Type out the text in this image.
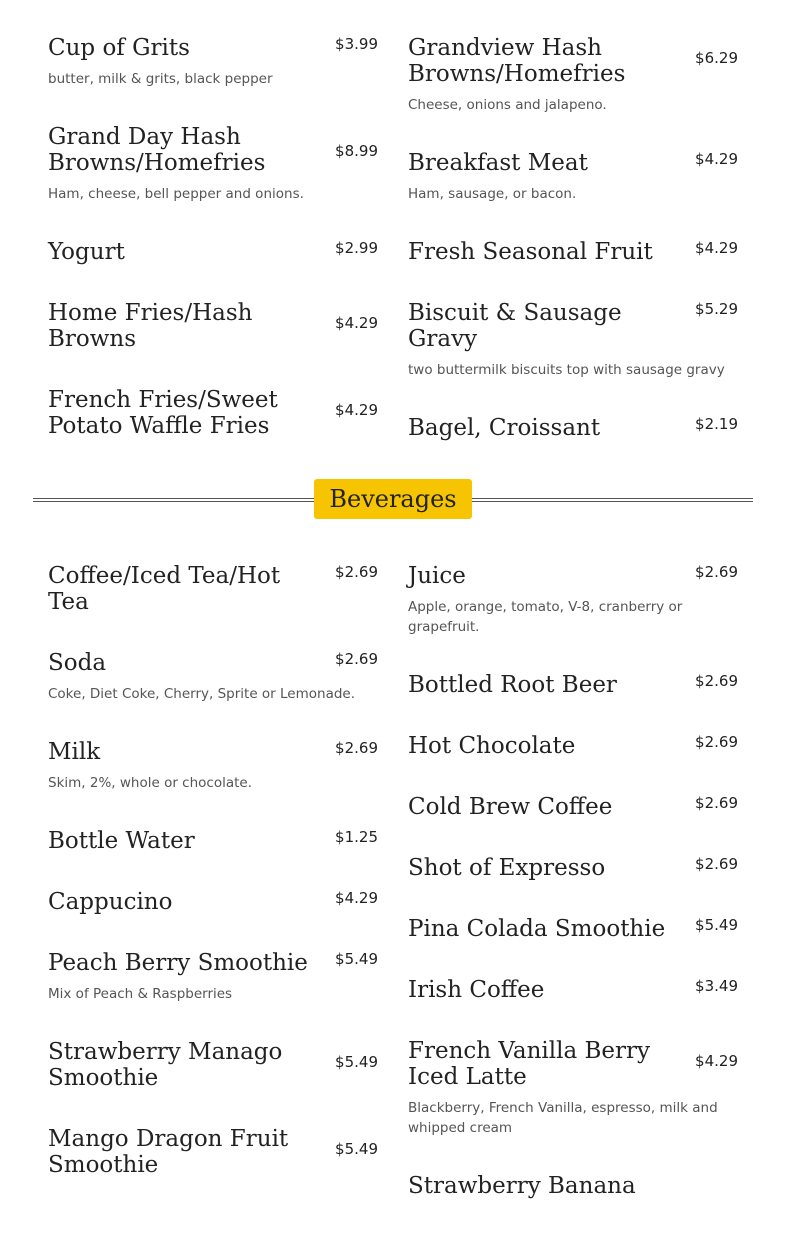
Cup of Grits	$3.99
butter, milk & grits, black pepper
Grand Day Hash Browns/Homefries	$8.99
Ham, cheese, bell pepper and onions.
Yogurt	$2.99
Home Fries/Hash Browns
$4.29
French Fries/Sweet Potato Waffle Fries
$4.29
Grandview Hash Browns/Homefries
$6.29
Cheese, onions and jalapeno.
Breakfast Meat	$4.29
Ham, sausage, or bacon.
Fresh Seasonal Fruit	$4.29
Biscuit & Sausage Gravy
$5.29
two buttermilk biscuits top with sausage gravy
Bagel, Croissant	$2.19
Beverages
Coffee/Iced Tea/Hot Tea
$2.69
Soda	$2.69
Coke, Diet Coke, Cherry, Sprite or Lemonade.
Milk	$2.69
Skim, 2%, whole or chocolate.
Bottle Water	$1.25
Cappucino	$4.29
Peach Berry Smoothie	$5.49
Mix of Peach & Raspberries
Strawberry Manago Smoothie
$5.49
Mango Dragon Fruit Smoothie
$5.49
Juice	$2.69
Apple, orange, tomato, V-8, cranberry or grapefruit.
Bottled Root Beer	$2.69
Hot Chocolate	$2.69
Cold Brew Coffee	$2.69
Shot of Expresso	$2.69
Pina Colada Smoothie	$5.49
Irish Coffee	$3.49
French Vanilla Berry Iced Latte
$4.29
Blackberry, French Vanilla, espresso, milk and whipped cream
Strawberry Banana
